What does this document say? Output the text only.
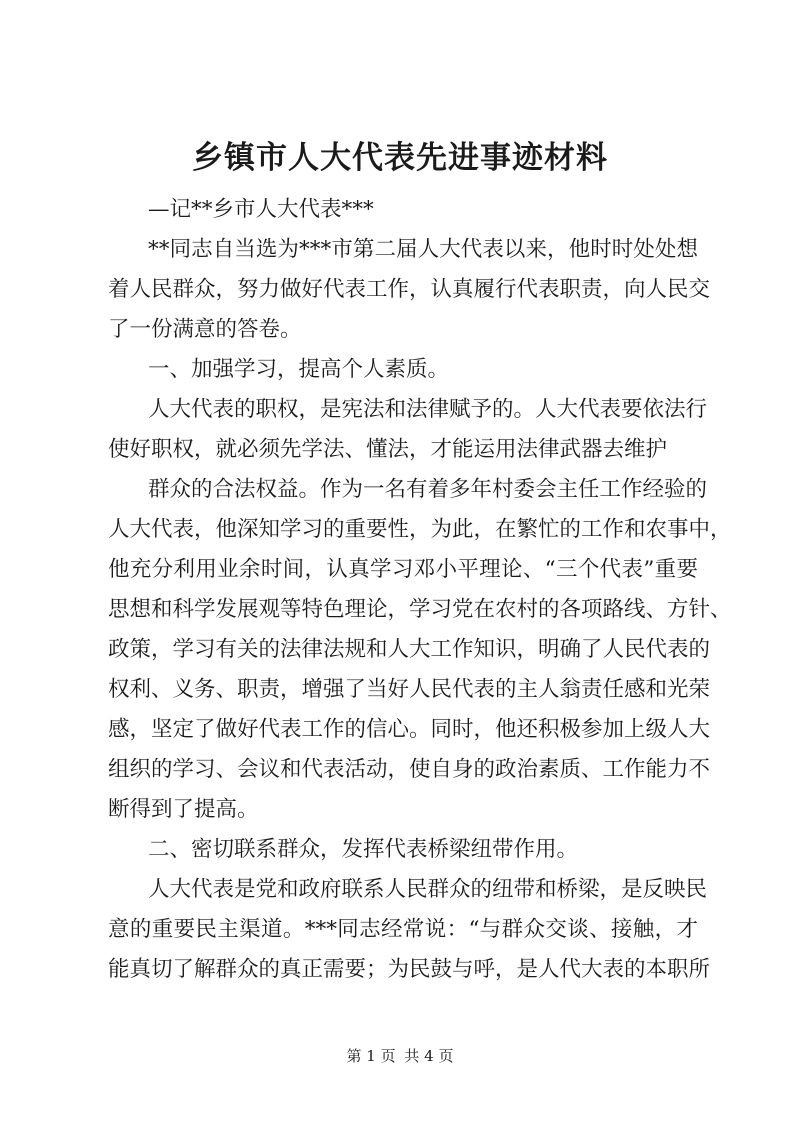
乡镇市人大代表先进事迹材料

—记**乡市人大代表***

**同志自当选为***市第二届人大代表以来，他时时处处想

着人民群众，努力做好代表工作，认真履行代表职责，向人民交

了一份满意的答卷。

一、加强学习，提高个人素质。

人大代表的职权，是宪法和法律赋予的。人大代表要依法行

使好职权，就必须先学法、懂法，才能运用法律武器去维护

群众的合法权益。作为一名有着多年村委会主任工作经验的

人大代表，他深知学习的重要性，为此，在繁忙的工作和农事中，

他充分利用业余时间，认真学习邓小平理论、“三个代表”重要

思想和科学发展观等特色理论，学习党在农村的各项路线、方针、

政策，学习有关的法律法规和人大工作知识，明确了人民代表的

权利、义务、职责，增强了当好人民代表的主人翁责任感和光荣

感，坚定了做好代表工作的信心。同时，他还积极参加上级人大

组织的学习、会议和代表活动，使自身的政治素质、工作能力不

断得到了提高。

二、密切联系群众，发挥代表桥梁纽带作用。

人大代表是党和政府联系人民群众的纽带和桥梁，是反映民

意的重要民主渠道。***同志经常说：“与群众交谈、接触，才

能真切了解群众的真正需要；为民鼓与呼，是人代大表的本职所

第 1 页 共 4 页
